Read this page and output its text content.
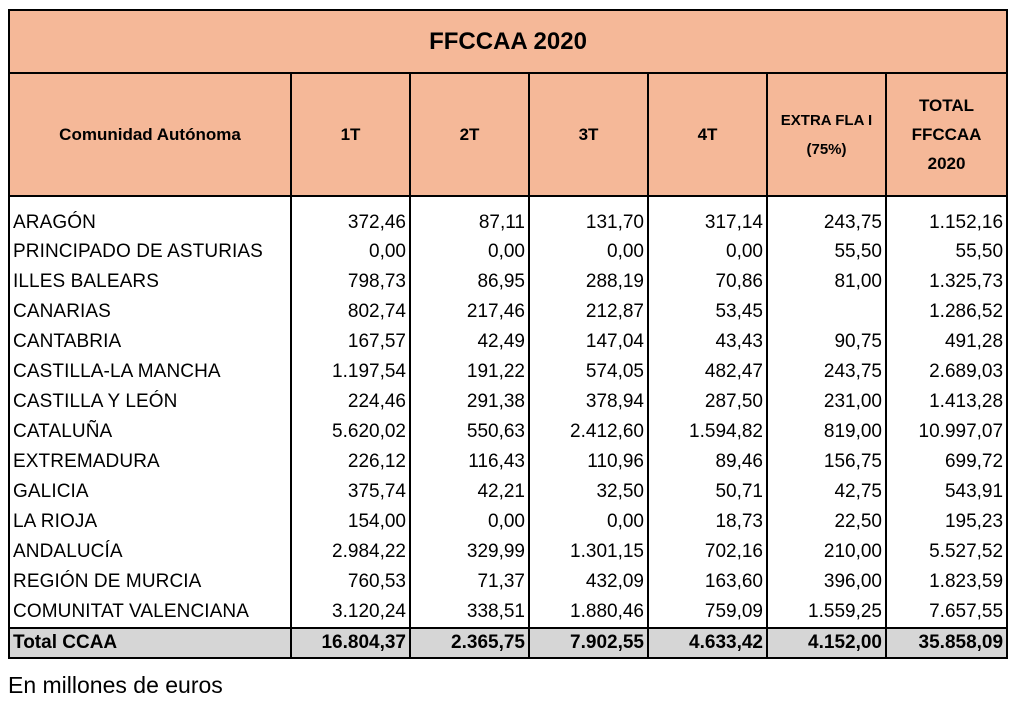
FFCCAA 2020						
Comunidad Autónoma	1T	2T	3T	4T	EXTRA FLA I (75%)	TOTAL FFCCAA 2020
ARAGÓN	372,46	87,11	131,70	317,14	243,75	1.152,16
PRINCIPADO DE ASTURIAS	0,00	0,00	0,00	0,00	55,50	55,50
ILLES BALEARS	798,73	86,95	288,19	70,86	81,00	1.325,73
CANARIAS	802,74	217,46	212,87	53,45		1.286,52
CANTABRIA	167,57	42,49	147,04	43,43	90,75	491,28
CASTILLA-LA MANCHA	1.197,54	191,22	574,05	482,47	243,75	2.689,03
CASTILLA Y LEÓN	224,46	291,38	378,94	287,50	231,00	1.413,28
CATALUÑA	5.620,02	550,63	2.412,60	1.594,82	819,00	10.997,07
EXTREMADURA	226,12	116,43	110,96	89,46	156,75	699,72
GALICIA	375,74	42,21	32,50	50,71	42,75	543,91
LA RIOJA	154,00	0,00	0,00	18,73	22,50	195,23
ANDALUCÍA	2.984,22	329,99	1.301,15	702,16	210,00	5.527,52
REGIÓN DE MURCIA	760,53	71,37	432,09	163,60	396,00	1.823,59
COMUNITAT VALENCIANA	3.120,24	338,51	1.880,46	759,09	1.559,25	7.657,55
Total CCAA	16.804,37	2.365,75	7.902,55	4.633,42	4.152,00	35.858,09
En millones de euros
